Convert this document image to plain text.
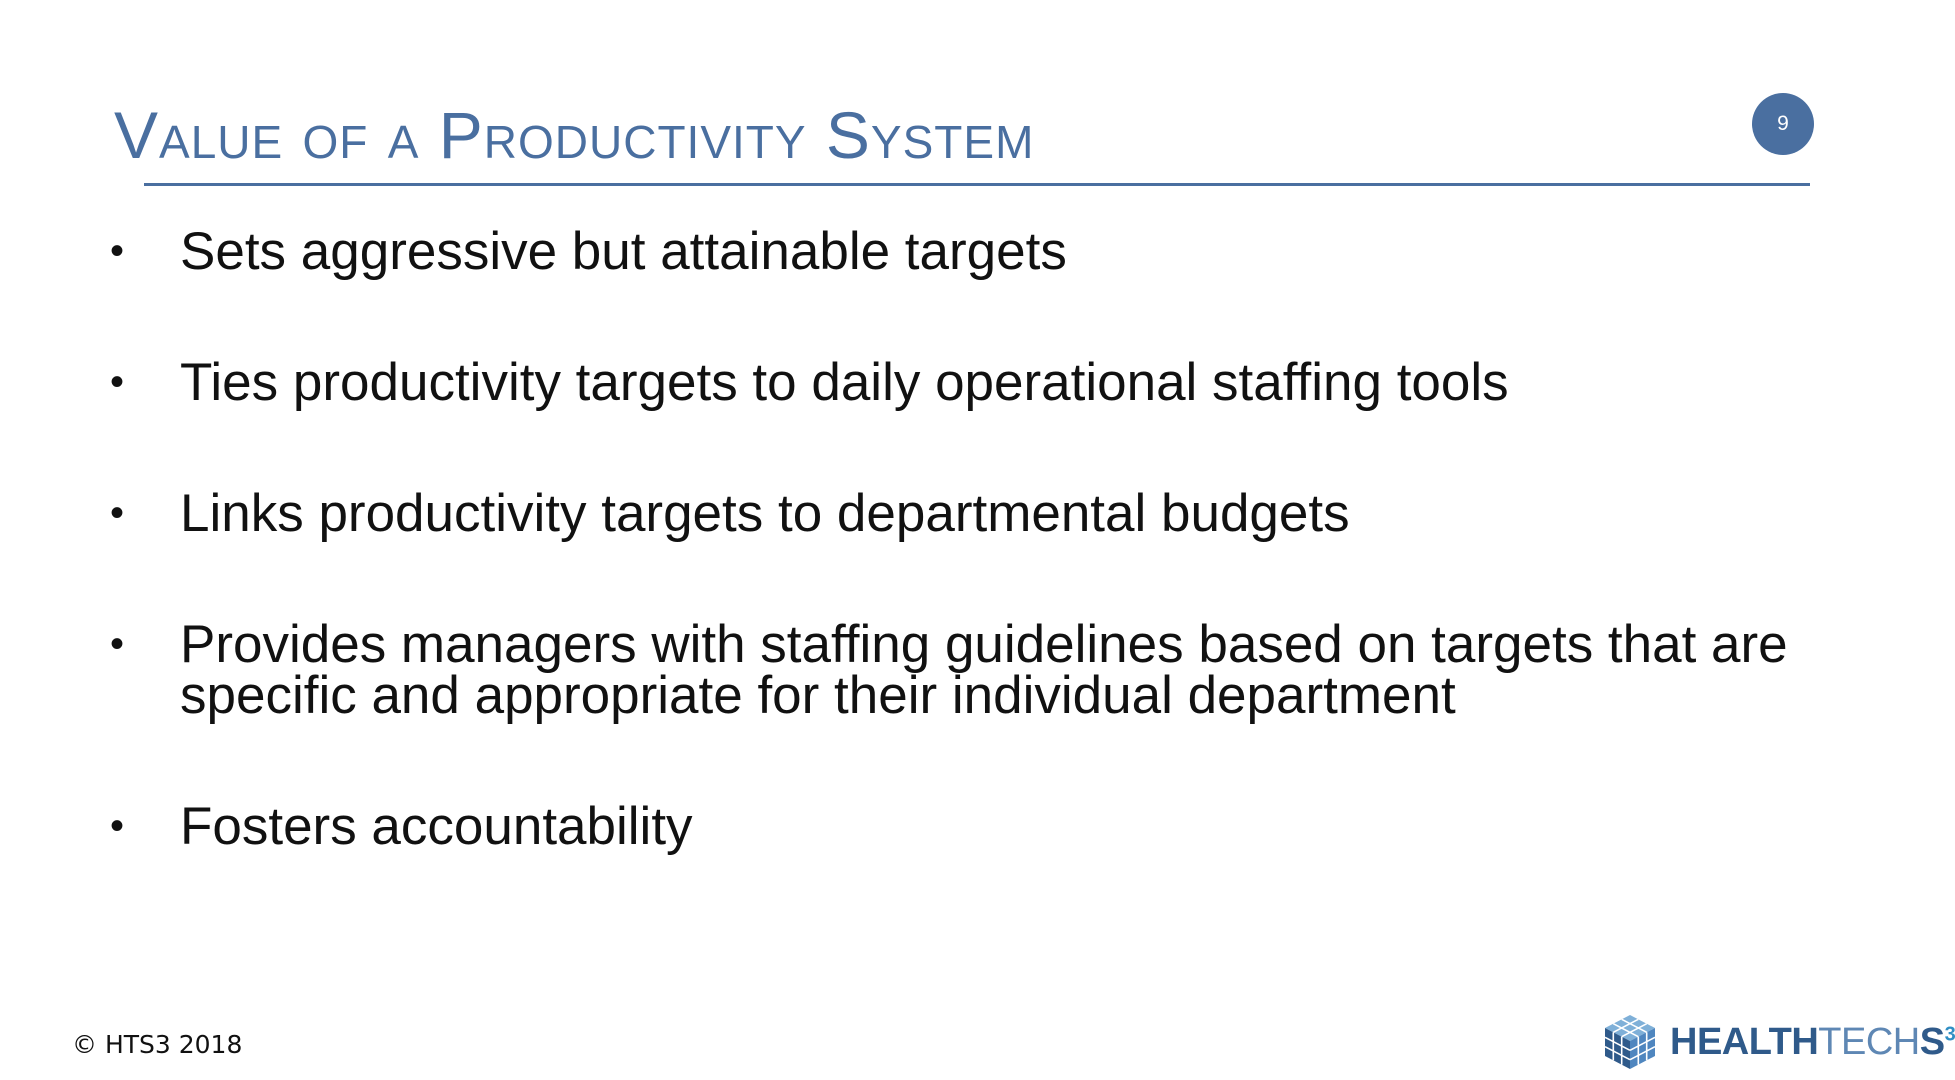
Value of a Productivity System	9
•	Sets aggressive but attainable targets
•	Ties productivity targets to daily operational staffing tools
•	Links productivity targets to departmental budgets
•	Provides managers with staffing guidelines based on targets that are specific and appropriate for their individual department
•	Fosters accountability
© HTS3 2018	HEALTHTECHS$^3$
